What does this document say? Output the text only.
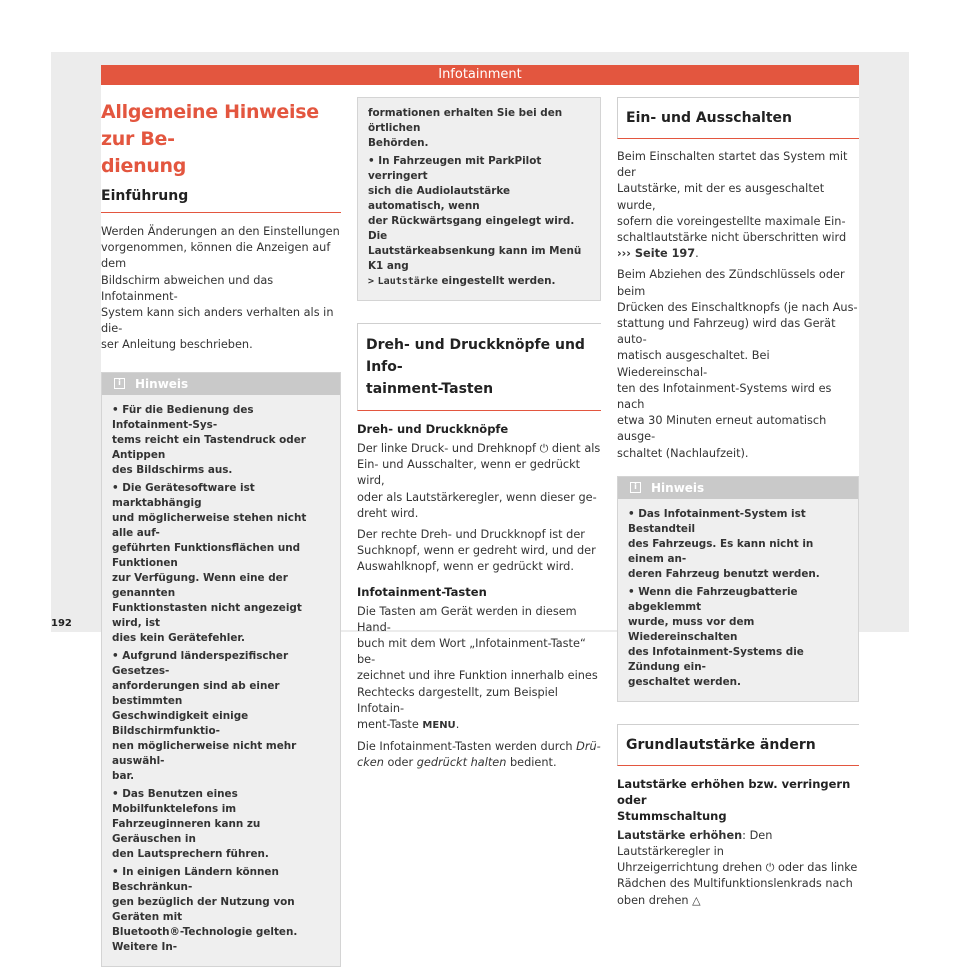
Infotainment
Allgemeine Hinweise zur Be-
dienung
Einführung
Werden Änderungen an den Einstellungen
vorgenommen, können die Anzeigen auf dem
Bildschirm abweichen und das Infotainment-
System kann sich anders verhalten als in die-
ser Anleitung beschrieben.
i	Hinweis
• Für die Bedienung des Infotainment-Sys-
tems reicht ein Tastendruck oder Antippen
des Bildschirms aus.
• Die Gerätesoftware ist marktabhängig
und möglicherweise stehen nicht alle auf-
geführten Funktionsflächen und Funktionen
zur Verfügung. Wenn eine der genannten
Funktionstasten nicht angezeigt wird, ist
dies kein Gerätefehler.
• Aufgrund länderspezifischer Gesetzes-
anforderungen sind ab einer bestimmten
Geschwindigkeit einige Bildschirmfunktio-
nen möglicherweise nicht mehr auswähl-
bar.
• Das Benutzen eines Mobilfunktelefons im
Fahrzeuginneren kann zu Geräuschen in
den Lautsprechern führen.
• In einigen Ländern können Beschränkun-
gen bezüglich der Nutzung von Geräten mit
Bluetooth®-Technologie gelten. Weitere In-
formationen erhalten Sie bei den örtlichen
Behörden.
• In Fahrzeugen mit ParkPilot verringert
sich die Audiolautstärke automatisch, wenn
der Rückwärtsgang eingelegt wird. Die
Lautstärkeabsenkung kann im Menü K1 ang
> Lautstärke eingestellt werden.
Dreh- und Druckknöpfe und Info-
tainment-Tasten
Dreh- und Druckknöpfe
Der linke Druck- und Drehknopf ⏻ dient als
Ein- und Ausschalter, wenn er gedrückt wird,
oder als Lautstärkeregler, wenn dieser ge-
dreht wird.
Der rechte Dreh- und Druckknopf ist der
Suchknopf, wenn er gedreht wird, und der
Auswahlknopf, wenn er gedrückt wird.
Infotainment-Tasten
Die Tasten am Gerät werden in diesem Hand-
buch mit dem Wort „Infotainment-Taste“ be-
zeichnet und ihre Funktion innerhalb eines
Rechtecks dargestellt, zum Beispiel Infotain-
ment-Taste MENU.
Die Infotainment-Tasten werden durch Drü-
cken oder gedrückt halten bedient.
Ein- und Ausschalten
Beim Einschalten startet das System mit der
Lautstärke, mit der es ausgeschaltet wurde,
sofern die voreingestellte maximale Ein-
schaltlautstärke nicht überschritten wird
››› Seite 197.
Beim Abziehen des Zündschlüssels oder beim
Drücken des Einschaltknopfs (je nach Aus-
stattung und Fahrzeug) wird das Gerät auto-
matisch ausgeschaltet. Bei Wiedereinschal-
ten des Infotainment-Systems wird es nach
etwa 30 Minuten erneut automatisch ausge-
schaltet (Nachlaufzeit).
i	Hinweis
• Das Infotainment-System ist Bestandteil
des Fahrzeugs. Es kann nicht in einem an-
deren Fahrzeug benutzt werden.
• Wenn die Fahrzeugbatterie abgeklemmt
wurde, muss vor dem Wiedereinschalten
des Infotainment-Systems die Zündung ein-
geschaltet werden.
Grundlautstärke ändern
Lautstärke erhöhen bzw. verringern oder
Stummschaltung
Lautstärke erhöhen: Den Lautstärkeregler in
Uhrzeigerrichtung drehen ⏻ oder das linke
Rädchen des Multifunktionslenkrads nach
oben drehen △
192
